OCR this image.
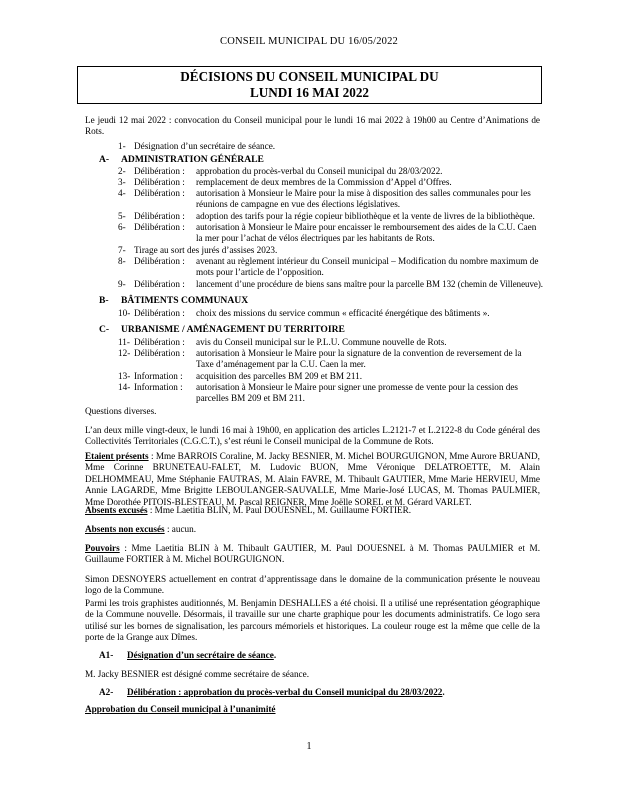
CONSEIL MUNICIPAL DU 16/05/2022
DÉCISIONS DU CONSEIL MUNICIPAL DU
LUNDI 16 MAI 2022
Le jeudi 12 mai 2022 : convocation du Conseil municipal pour le lundi 16 mai 2022 à 19h00 au Centre d’Animations de Rots.
1- Désignation d’un secrétaire de séance.
A- ADMINISTRATION GÉNÉRALE
2- Délibération : approbation du procès-verbal du Conseil municipal du 28/03/2022.
3- Délibération : remplacement de deux membres de la Commission d’Appel d’Offres.
4- Délibération : autorisation à Monsieur le Maire pour la mise à disposition des salles communales pour les réunions de campagne en vue des élections législatives.
5- Délibération : adoption des tarifs pour la régie copieur bibliothèque et la vente de livres de la bibliothèque.
6- Délibération : autorisation à Monsieur le Maire pour encaisser le remboursement des aides de la C.U. Caen la mer pour l’achat de vélos électriques par les habitants de Rots.
7- Tirage au sort des jurés d’assises 2023.
8- Délibération : avenant au règlement intérieur du Conseil municipal – Modification du nombre maximum de mots pour l’article de l’opposition.
9- Délibération : lancement d’une procédure de biens sans maître pour la parcelle BM 132 (chemin de Villeneuve).
B- BÂTIMENTS COMMUNAUX
10- Délibération : choix des missions du service commun « efficacité énergétique des bâtiments ».
C- URBANISME / AMÉNAGEMENT DU TERRITOIRE
11- Délibération : avis du Conseil municipal sur le P.L.U. Commune nouvelle de Rots.
12- Délibération : autorisation à Monsieur le Maire pour la signature de la convention de reversement de la Taxe d’aménagement par la C.U. Caen la mer.
13- Information : acquisition des parcelles BM 209 et BM 211.
14- Information : autorisation à Monsieur le Maire pour signer une promesse de vente pour la cession des parcelles BM 209 et BM 211.
Questions diverses.
L’an deux mille vingt-deux, le lundi 16 mai à 19h00, en application des articles L.2121-7 et L.2122-8 du Code général des Collectivités Territoriales (C.G.C.T.), s’est réuni le Conseil municipal de la Commune de Rots.
Etaient présents : Mme BARROIS Coraline, M. Jacky BESNIER, M. Michel BOURGUIGNON, Mme Aurore BRUAND, Mme Corinne BRUNETEAU-FALET, M. Ludovic BUON, Mme Véronique DELATROETTE, M. Alain DELHOMMEAU, Mme Stéphanie FAUTRAS, M. Alain FAVRE, M. Thibault GAUTIER, Mme Marie HERVIEU, Mme Annie LAGARDE, Mme Brigitte LEBOULANGER-SAUVALLE, Mme Marie-José LUCAS, M. Thomas PAULMIER, Mme Dorothée PITOIS-BLESTEAU, M. Pascal REIGNER, Mme Joëlle SOREL et M. Gérard VARLET.
Absents excusés : Mme Laetitia BLIN, M. Paul DOUESNEL, M. Guillaume FORTIER.
Absents non excusés : aucun.
Pouvoirs : Mme Laetitia BLIN à M. Thibault GAUTIER, M. Paul DOUESNEL à M. Thomas PAULMIER et M. Guillaume FORTIER à M. Michel BOURGUIGNON.
Simon DESNOYERS actuellement en contrat d’apprentissage dans le domaine de la communication présente le nouveau logo de la Commune.
Parmi les trois graphistes auditionnés, M. Benjamin DESHALLES a été choisi. Il a utilisé une représentation géographique de la Commune nouvelle. Désormais, il travaille sur une charte graphique pour les documents administratifs. Ce logo sera utilisé sur les bornes de signalisation, les parcours mémoriels et historiques. La couleur rouge est la même que celle de la porte de la Grange aux Dîmes.
A1- Désignation d’un secrétaire de séance.
M. Jacky BESNIER est désigné comme secrétaire de séance.
A2- Délibération : approbation du procès-verbal du Conseil municipal du 28/03/2022.
Approbation du Conseil municipal à l’unanimité
1
